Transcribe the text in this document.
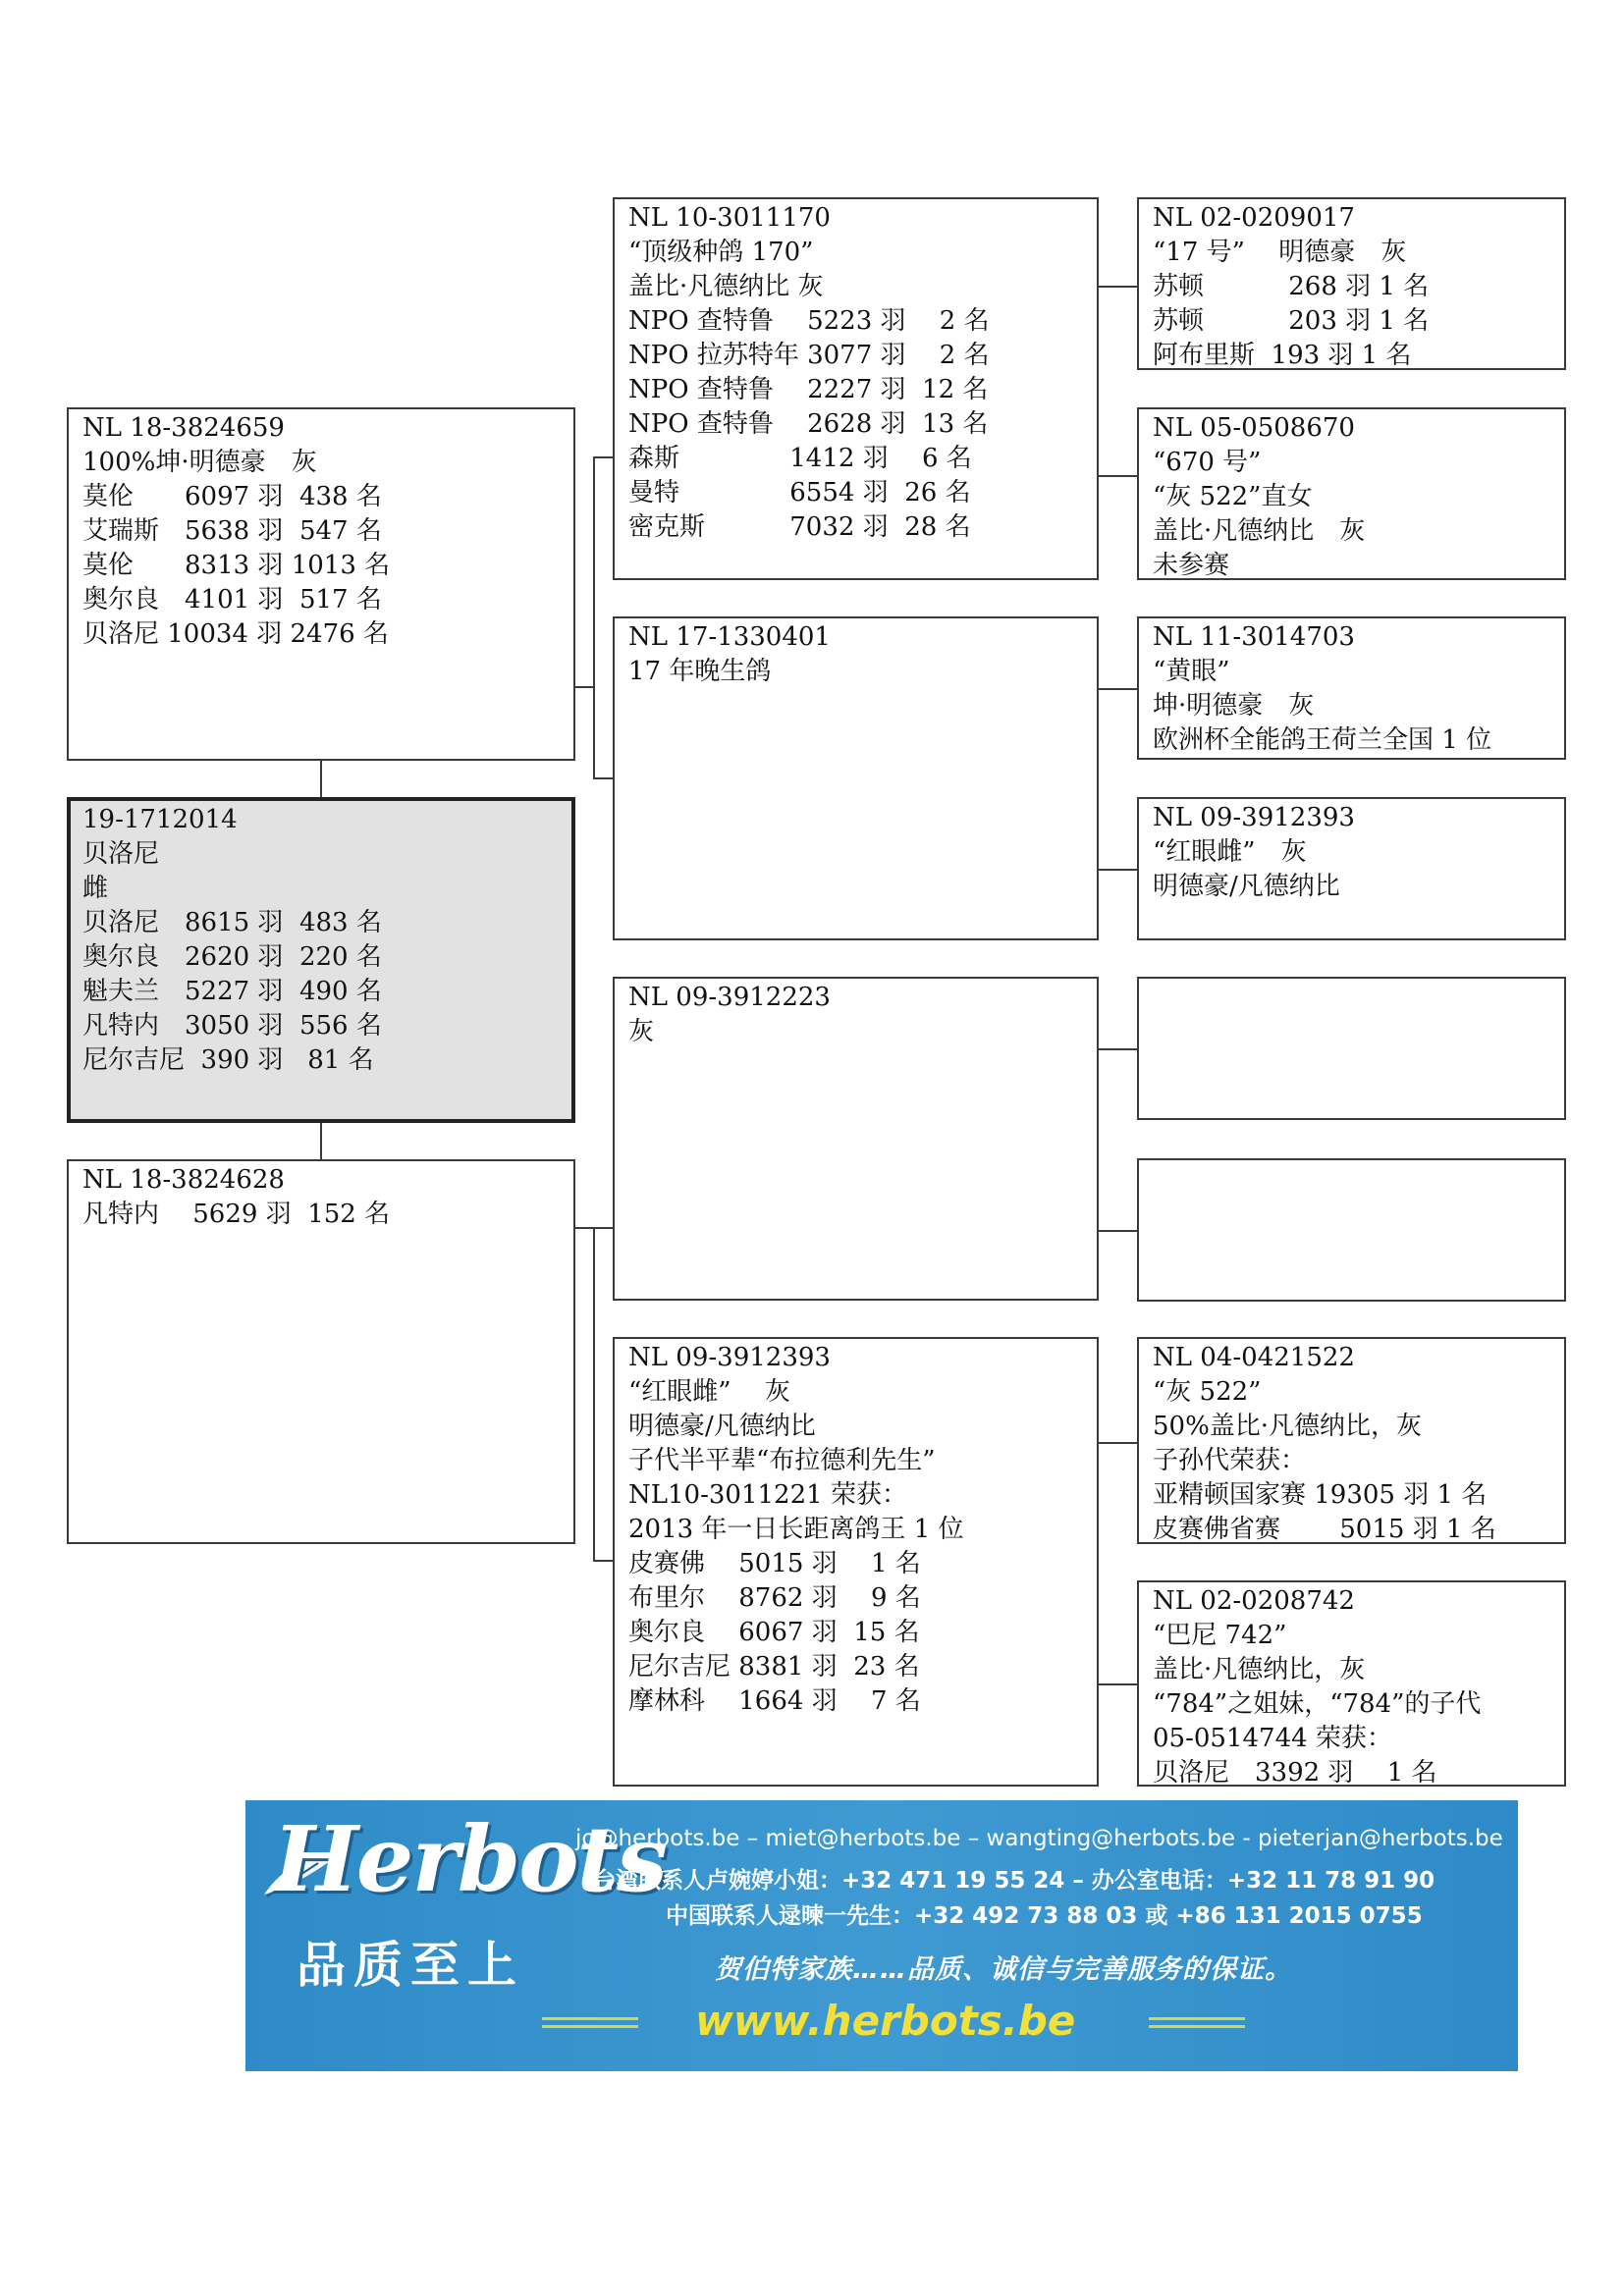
NL 18-3824659
100%坤·明德豪　灰
莫伦　　6097 羽  438 名
艾瑞斯　5638 羽  547 名
莫伦　　8313 羽 1013 名
奥尔良　4101 羽  517 名
贝洛尼 10034 羽 2476 名
19-1712014
贝洛尼
雌
贝洛尼　8615 羽  483 名
奥尔良　2620 羽  220 名
魁夫兰　5227 羽  490 名
凡特内　3050 羽  556 名
尼尔吉尼  390 羽   81 名
NL 18-3824628
凡特内　 5629 羽  152 名
NL 10-3011170
“顶级种鸽 170”
盖比·凡德纳比 灰
NPO 查特鲁 　5223 羽 　2 名
NPO 拉苏特年 3077 羽 　2 名
NPO 查特鲁 　2227 羽  12 名
NPO 查特鲁 　2628 羽  13 名
森斯　　　　 1412 羽 　6 名
曼特　　　　 6554 羽  26 名
密克斯　　　 7032 羽  28 名
NL 17-1330401
17 年晚生鸽
NL 09-3912223
灰
NL 09-3912393
“红眼雌”　 灰
明德豪/凡德纳比
子代半平辈“布拉德利先生”
NL10-3011221 荣获：
2013 年一日长距离鸽王 1 位
皮赛佛　 5015 羽 　1 名
布里尔　 8762 羽 　9 名
奥尔良　 6067 羽  15 名
尼尔吉尼 8381 羽  23 名
摩林科　 1664 羽 　7 名
NL 02-0209017
“17 号”　 明德豪　灰
苏顿　　　 268 羽 1 名
苏顿　　　 203 羽 1 名
阿布里斯  193 羽 1 名
NL 05-0508670
“670 号”
“灰 522”直女
盖比·凡德纳比　灰
未参赛
NL 11-3014703
“黄眼”
坤·明德豪　灰
欧洲杯全能鸽王荷兰全国 1 位
NL 09-3912393
“红眼雌”　灰
明德豪/凡德纳比
NL 04-0421522
“灰 522”
50%盖比·凡德纳比，灰
子孙代荣获：
亚精顿国家赛 19305 羽 1 名
皮赛佛省赛　　 5015 羽 1 名
NL 02-0208742
“巴尼 742”
盖比·凡德纳比，灰
“784”之姐妹，“784”的子代
05-0514744 荣获：
贝洛尼　3392 羽 　1 名
Herbots
品质至上
jo@herbots.be – miet@herbots.be – wangting@herbots.be - pieterjan@herbots.be
台湾联系人卢婉婷小姐：+32 471 19 55 24 – 办公室电话：+32 11 78 91 90
中国联系人逯暕一先生：+32 492 73 88 03 或 +86 131 2015 0755
贺伯特家族……品质、诚信与完善服务的保证。
www.herbots.be
